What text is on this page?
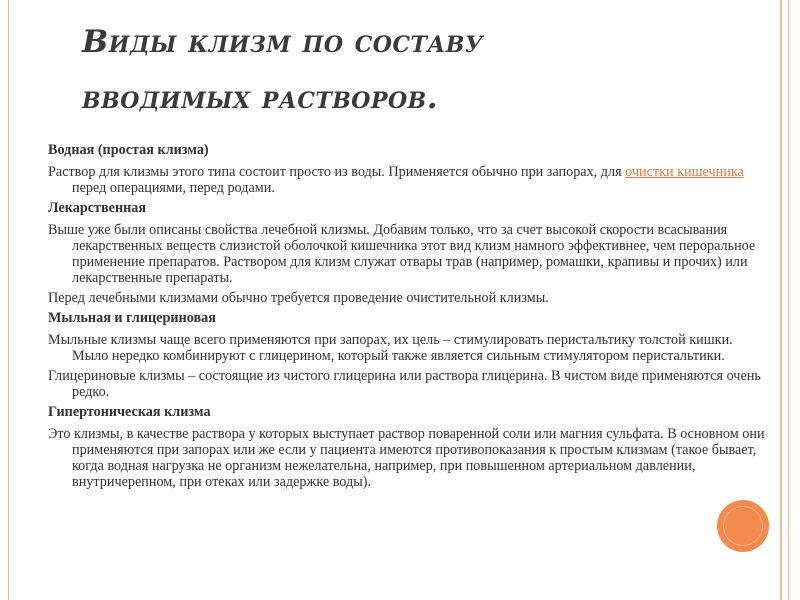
Виды клизм по составу
вводимых растворов.
Водная (простая клизма)

Раствор для клизмы этого типа состоит просто из воды. Применяется обычно при запорах, для очистки кишечника перед операциями, перед родами.

Лекарственная

Выше уже были описаны свойства лечебной клизмы. Добавим только, что за счет высокой скорости всасывания лекарственных веществ слизистой оболочкой кишечника этот вид клизм намного эффективнее, чем пероральное применение препаратов. Раствором для клизм служат отвары трав (например, ромашки, крапивы и прочих) или лекарственные препараты.

Перед лечебными клизмами обычно требуется проведение очистительной клизмы.

Мыльная и глицериновая

Мыльные клизмы чаще всего применяются при запорах, их цель – стимулировать перистальтику толстой кишки. Мыло нередко комбинируют с глицерином, который также является сильным стимулятором перистальтики.

Глицериновые клизмы – состоящие из чистого глицерина или раствора глицерина. В чистом виде применяются очень редко.

Гипертоническая клизма

Это клизмы, в качестве раствора у которых выступает раствор поваренной соли или магния сульфата. В основном они применяются при запорах или же если у пациента имеются противопоказания к простым клизмам (такое бывает, когда водная нагрузка не организм нежелательна, например, при повышенном артериальном давлении, внутричерепном, при отеках или задержке воды).
